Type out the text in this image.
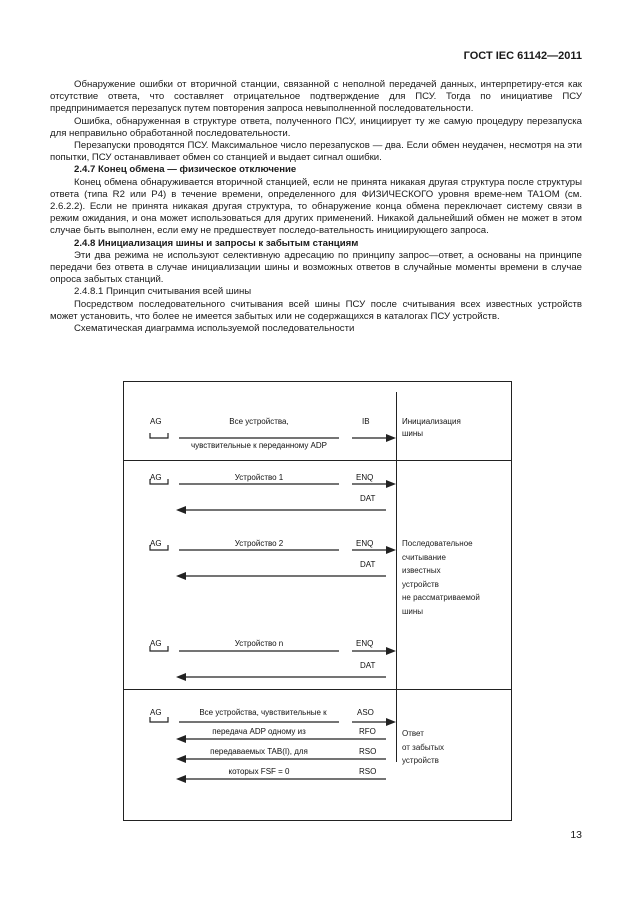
ГОСТ IEC 61142—2011

Обнаружение ошибки от вторичной станции, связанной с неполной передачей данных, интерпретиру-ется как отсутствие ответа, что составляет отрицательное подтверждение для ПСУ. Тогда по инициативе ПСУ предпринимается перезапуск путем повторения запроса невыполненной последовательности.

Ошибка, обнаруженная в структуре ответа, полученного ПСУ, инициирует ту же самую процедуру перезапуска для неправильно обработанной последовательности.

Перезапуски проводятся ПСУ. Максимальное число перезапусков — два. Если обмен неудачен, несмотря на эти попытки, ПСУ останавливает обмен со станцией и выдает сигнал ошибки.

2.4.7 Конец обмена — физическое отключение

Конец обмена обнаруживается вторичной станцией, если не принята никакая другая структура после структуры ответа (типа R2 или P4) в течение времени, определенного для ФИЗИЧЕСКОГО уровня време-нем TA1OM (см. 2.6.2.2). Если не принята никакая другая структура, то обнаружение конца обмена переключает систему связи в режим ожидания, и она может использоваться для других применений. Никакой дальнейший обмен не может в этом случае быть выполнен, если ему не предшествует последо-вательность инициирующего запроса.

2.4.8 Инициализация шины и запросы к забытым станциям

Эти два режима не используют селективную адресацию по принципу запрос—ответ, а основаны на принципе передачи без ответа в случае инициализации шины и возможных ответов в случайные моменты времени в случае опроса забытых станций.

2.4.8.1 Принцип считывания всей шины

Посредством последовательного считывания всей шины ПСУ после считывания всех известных устройств может установить, что более не имеется забытых или не содержащихся в каталогах ПСУ устройств.

Схематическая диаграмма используемой последовательности

AG	Все устройства,
чувствительные к переданному ADP
IB	Инициализация
шины
AG	Устройство 1	ENQ
DAT
AG	Устройство 2	ENQ
DAT
Последовательное
считывание
известных
устройств
не рассматриваемой
шины
AG	Устройство n	ENQ
DAT
AG	Все устройства, чувствительные к
передача ADP одному из
передаваемых TAB(I), для
которых FSF = 0
ASO
RFO
RSO
RSO
Ответ
от забытых
устройств
13
